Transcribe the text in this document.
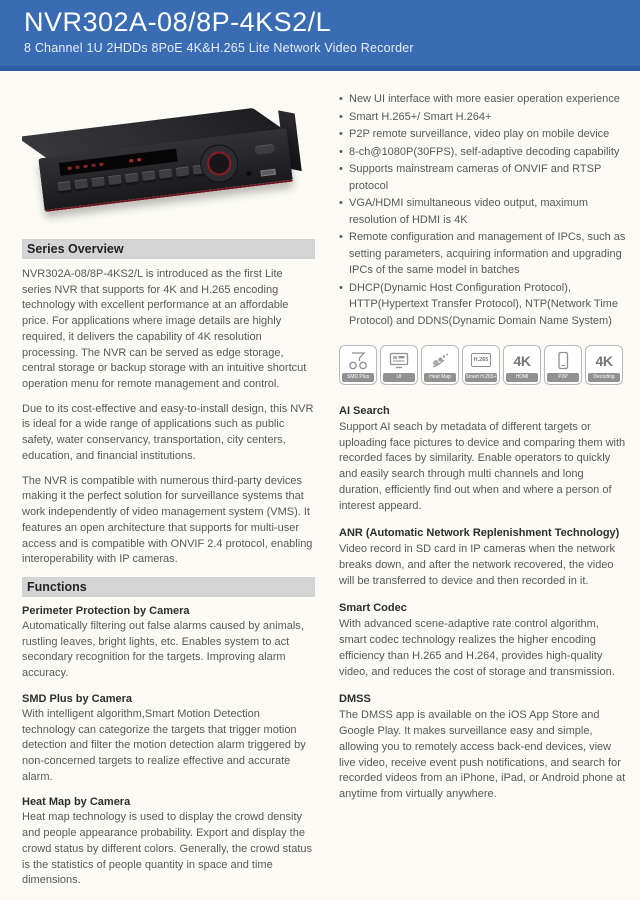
NVR302A-08/8P-4KS2/L
8 Channel 1U 2HDDs 8PoE 4K&H.265 Lite Network Video Recorder
Series Overview

NVR302A-08/8P-4KS2/L is introduced as the first Lite series NVR that supports for 4K and H.265 encoding technology with excellent performance at an affordable price. For applications where image details are highly required, it delivers the capability of 4K resolution processing. The NVR can be served as edge storage, central storage or backup storage with an intuitive shortcut operation menu for remote management and control.

Due to its cost-effective and easy-to-install design, this NVR is ideal for a wide range of applications such as public safety, water conservancy, transportation, city centers, education, and financial institutions.

The NVR is compatible with numerous third-party devices making it the perfect solution for surveillance systems that work independently of video management system (VMS). It features an open architecture that supports for multi-user access and is compatible with ONVIF 2.4 protocol, enabling interoperability with IP cameras.

Functions
Perimeter Protection by Camera

Automatically filtering out false alarms caused by animals, rustling leaves, bright lights, etc. Enables system to act secondary recognition for the targets. Improving alarm accuracy.

SMD Plus by Camera

With intelligent algorithm,Smart Motion Detection technology can categorize the targets that trigger motion detection and filter the motion detection alarm triggered by non-concerned targets to realize effective and accurate alarm.

Heat Map by Camera

Heat map technology is used to display the crowd density and people appearance probability. Export and display the crowd status by different colors. Generally, the crowd status is the statistics of people quantity in space and time dimensions.

• New UI interface with more easier operation experience
• Smart H.265+/ Smart H.264+
• P2P remote surveillance, video play on mobile device
• 8-ch@1080P(30FPS), self-adaptive decoding capability
• Supports mainstream cameras of ONVIF and RTSP protocol
• VGA/HDMI simultaneous video output, maximum resolution of HDMI is 4K
• Remote configuration and management of IPCs, such as setting parameters, acquiring information and upgrading IPCs of the same model in batches
• DHCP(Dynamic Host Configuration Protocol), HTTP(Hypertext Transfer Protocol), NTP(Network Time Protocol) and DDNS(Dynamic Domain Name System)
SMD Plus	UI	Heat Map
H.265
Smart H.265+
4K
HDMI	P2P
4K
Decoding
AI Search
Support AI seach by metadata of different targets or uploading face pictures to device and comparing them with recorded faces by similarity. Enable operators to quickly and easily search through multi channels and long duration, efficiently find out when and where a person of interest appeard.
ANR (Automatic Network Replenishment Technology)
Video record in SD card in IP cameras when the network breaks down, and after the network recovered, the video will be transferred to device and then recorded in it.
Smart Codec
With advanced scene-adaptive rate control algorithm, smart codec technology realizes the higher encoding efficiency than H.265 and H.264, provides high-quality video, and reduces the cost of storage and transmission.
DMSS
The DMSS app is available on the iOS App Store and Google Play. It makes surveillance easy and simple, allowing you to remotely access back-end devices, view live video, receive event push notifications, and search for recorded videos from an iPhone, iPad, or Android phone at anytime from virtually anywhere.
